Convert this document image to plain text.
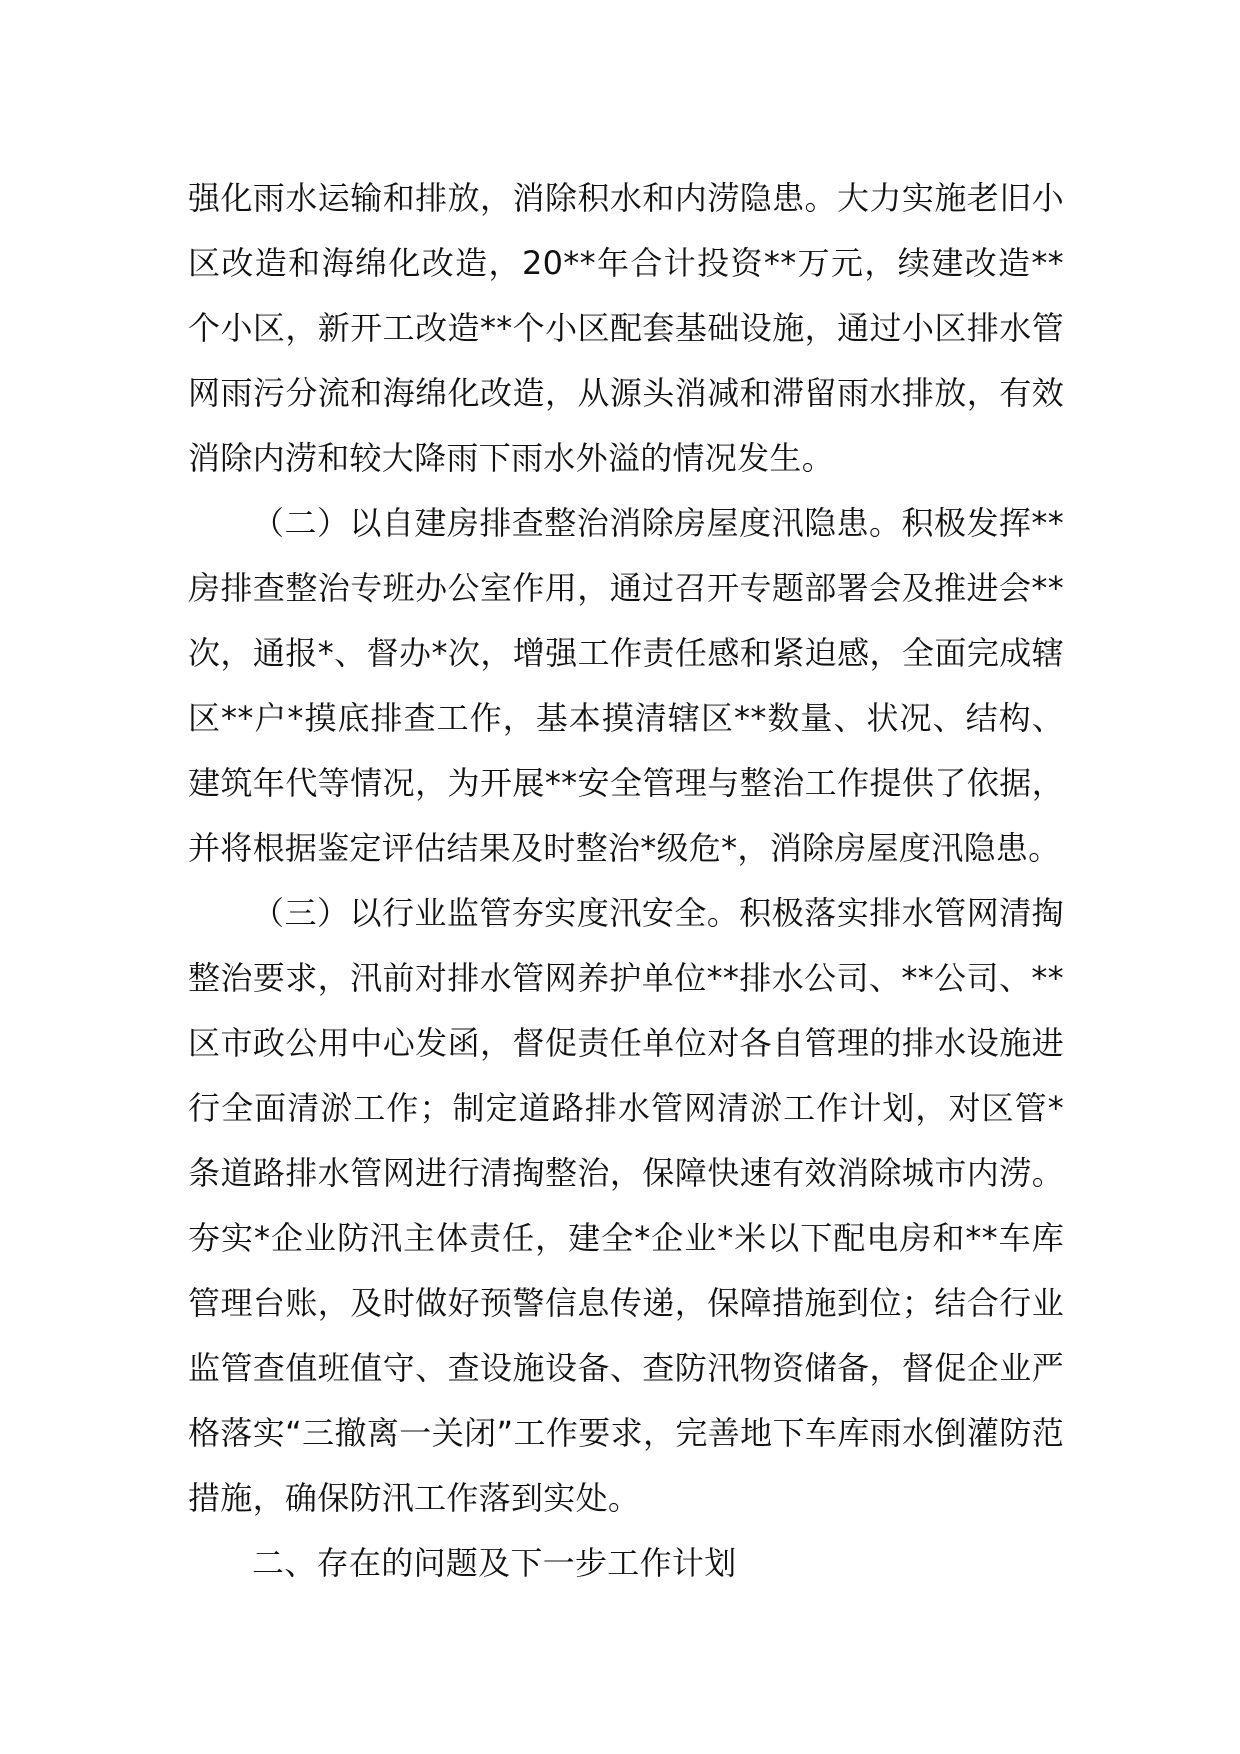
强化雨水运输和排放，消除积水和内涝隐患。大力实施老旧小区改造和海绵化改造，20**年合计投资**万元，续建改造**个小区，新开工改造**个小区配套基础设施，通过小区排水管网雨污分流和海绵化改造，从源头消减和滞留雨水排放，有效消除内涝和较大降雨下雨水外溢的情况发生。

（二）以自建房排查整治消除房屋度汛隐患。积极发挥**房排查整治专班办公室作用，通过召开专题部署会及推进会**次，通报*、督办*次，增强工作责任感和紧迫感，全面完成辖区**户*摸底排查工作，基本摸清辖区**数量、状况、结构、建筑年代等情况，为开展**安全管理与整治工作提供了依据，并将根据鉴定评估结果及时整治*级危*，消除房屋度汛隐患。

（三）以行业监管夯实度汛安全。积极落实排水管网清掏整治要求，汛前对排水管网养护单位**排水公司、**公司、**区市政公用中心发函，督促责任单位对各自管理的排水设施进行全面清淤工作；制定道路排水管网清淤工作计划，对区管*条道路排水管网进行清掏整治，保障快速有效消除城市内涝。夯实*企业防汛主体责任，建全*企业*米以下配电房和**车库管理台账，及时做好预警信息传递，保障措施到位；结合行业监管查值班值守、查设施设备、查防汛物资储备，督促企业严格落实“三撤离一关闭”工作要求，完善地下车库雨水倒灌防范措施，确保防汛工作落到实处。

二、存在的问题及下一步工作计划
